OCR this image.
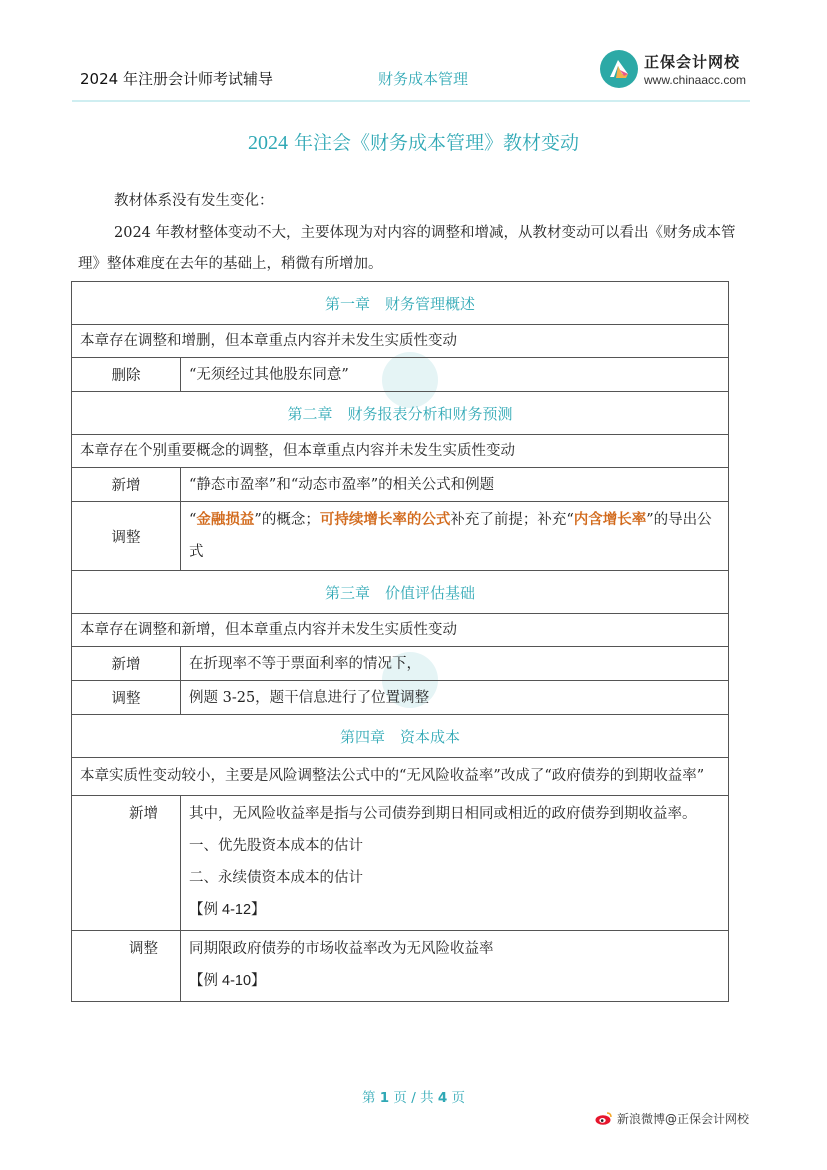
2024 年注册会计师考试辅导	财务成本管理
正保会计网校
www.chinaacc.com
2024 年注会《财务成本管理》教材变动
教材体系没有发生变化：
2024 年教材整体变动不大，主要体现为对内容的调整和增减，从教材变动可以看出《财务成本管理》整体难度在去年的基础上，稍微有所增加。
第一章　财务管理概述	
本章存在调整和增删，但本章重点内容并未发生实质性变动	
删除	“无须经过其他股东同意”
第二章　财务报表分析和财务预测	
本章存在个别重要概念的调整，但本章重点内容并未发生实质性变动	
新增	“静态市盈率”和“动态市盈率”的相关公式和例题
调整	“金融损益”的概念；可持续增长率的公式补充了前提；补充“内含增长率”的导出公式
第三章　价值评估基础	
本章存在调整和新增，但本章重点内容并未发生实质性变动	
新增	在折现率不等于票面利率的情况下，
调整	例题 3-25，题干信息进行了位置调整
第四章　资本成本	
本章实质性变动较小，主要是风险调整法公式中的“无风险收益率”改成了“政府债券的到期收益率”	
新增	其中，无风险收益率是指与公司债券到期日相同或相近的政府债券到期收益率。
一、优先股资本成本的估计
二、永续债资本成本的估计
【例 4-12】

调整	同期限政府债券的市场收益率改为无风险收益率
【例 4-10】
第 1 页 / 共 4 页
新浪微博@正保会计网校
